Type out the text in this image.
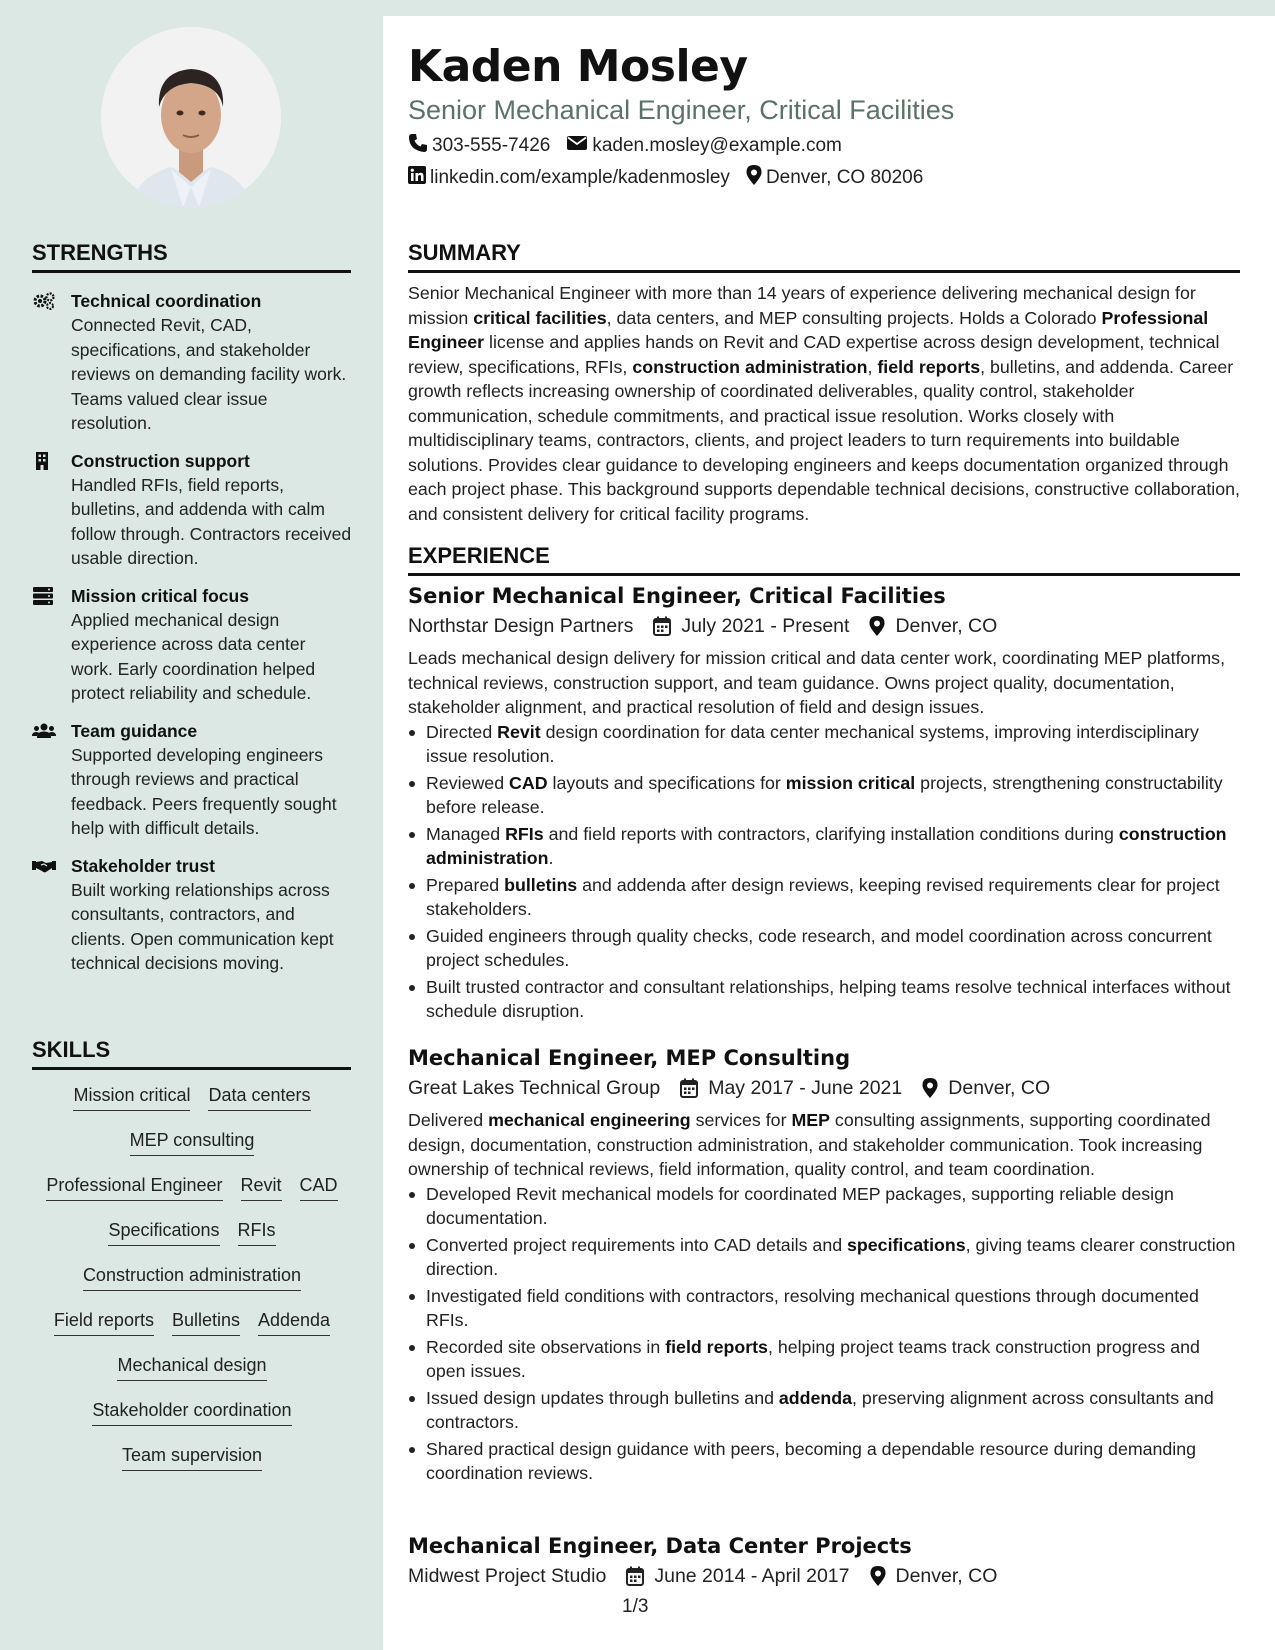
STRENGTHS
Technical coordination
Connected Revit, CAD, specifications, and stakeholder reviews on demanding facility work. Teams valued clear issue resolution.
Construction support
Handled RFIs, field reports, bulletins, and addenda with calm follow through. Contractors received usable direction.
Mission critical focus
Applied mechanical design experience across data center work. Early coordination helped protect reliability and schedule.
Team guidance
Supported developing engineers through reviews and practical feedback. Peers frequently sought help with difficult details.
Stakeholder trust
Built working relationships across consultants, contractors, and clients. Open communication kept technical decisions moving.
SKILLS
Mission critical Data centers
MEP consulting
Professional Engineer Revit CAD
Specifications RFIs
Construction administration
Field reports Bulletins Addenda
Mechanical design
Stakeholder coordination
Team supervision
Kaden Mosley
Senior Mechanical Engineer, Critical Facilities
303-555-7426 kaden.mosley@example.com
linkedin.com/example/kadenmosley Denver, CO 80206
SUMMARY
Senior Mechanical Engineer with more than 14 years of experience delivering mechanical design for mission critical facilities, data centers, and MEP consulting projects. Holds a Colorado Professional Engineer license and applies hands on Revit and CAD expertise across design development, technical review, specifications, RFIs, construction administration, field reports, bulletins, and addenda. Career growth reflects increasing ownership of coordinated deliverables, quality control, stakeholder communication, schedule commitments, and practical issue resolution. Works closely with multidisciplinary teams, contractors, clients, and project leaders to turn requirements into buildable solutions. Provides clear guidance to developing engineers and keeps documentation organized through each project phase. This background supports dependable technical decisions, constructive collaboration, and consistent delivery for critical facility programs.
EXPERIENCE
Senior Mechanical Engineer, Critical Facilities
Northstar Design Partners July 2021 - Present Denver, CO
Leads mechanical design delivery for mission critical and data center work, coordinating MEP platforms, technical reviews, construction support, and team guidance. Owns project quality, documentation, stakeholder alignment, and practical resolution of field and design issues.
Directed Revit design coordination for data center mechanical systems, improving interdisciplinary issue resolution.
Reviewed CAD layouts and specifications for mission critical projects, strengthening constructability before release.
Managed RFIs and field reports with contractors, clarifying installation conditions during construction administration.
Prepared bulletins and addenda after design reviews, keeping revised requirements clear for project stakeholders.
Guided engineers through quality checks, code research, and model coordination across concurrent project schedules.
Built trusted contractor and consultant relationships, helping teams resolve technical interfaces without schedule disruption.
Mechanical Engineer, MEP Consulting
Great Lakes Technical Group May 2017 - June 2021 Denver, CO
Delivered mechanical engineering services for MEP consulting assignments, supporting coordinated design, documentation, construction administration, and stakeholder communication. Took increasing ownership of technical reviews, field information, quality control, and team coordination.
Developed Revit mechanical models for coordinated MEP packages, supporting reliable design documentation.
Converted project requirements into CAD details and specifications, giving teams clearer construction direction.
Investigated field conditions with contractors, resolving mechanical questions through documented RFIs.
Recorded site observations in field reports, helping project teams track construction progress and open issues.
Issued design updates through bulletins and addenda, preserving alignment across consultants and contractors.
Shared practical design guidance with peers, becoming a dependable resource during demanding coordination reviews.
Mechanical Engineer, Data Center Projects
Midwest Project Studio June 2014 - April 2017 Denver, CO
1/3
